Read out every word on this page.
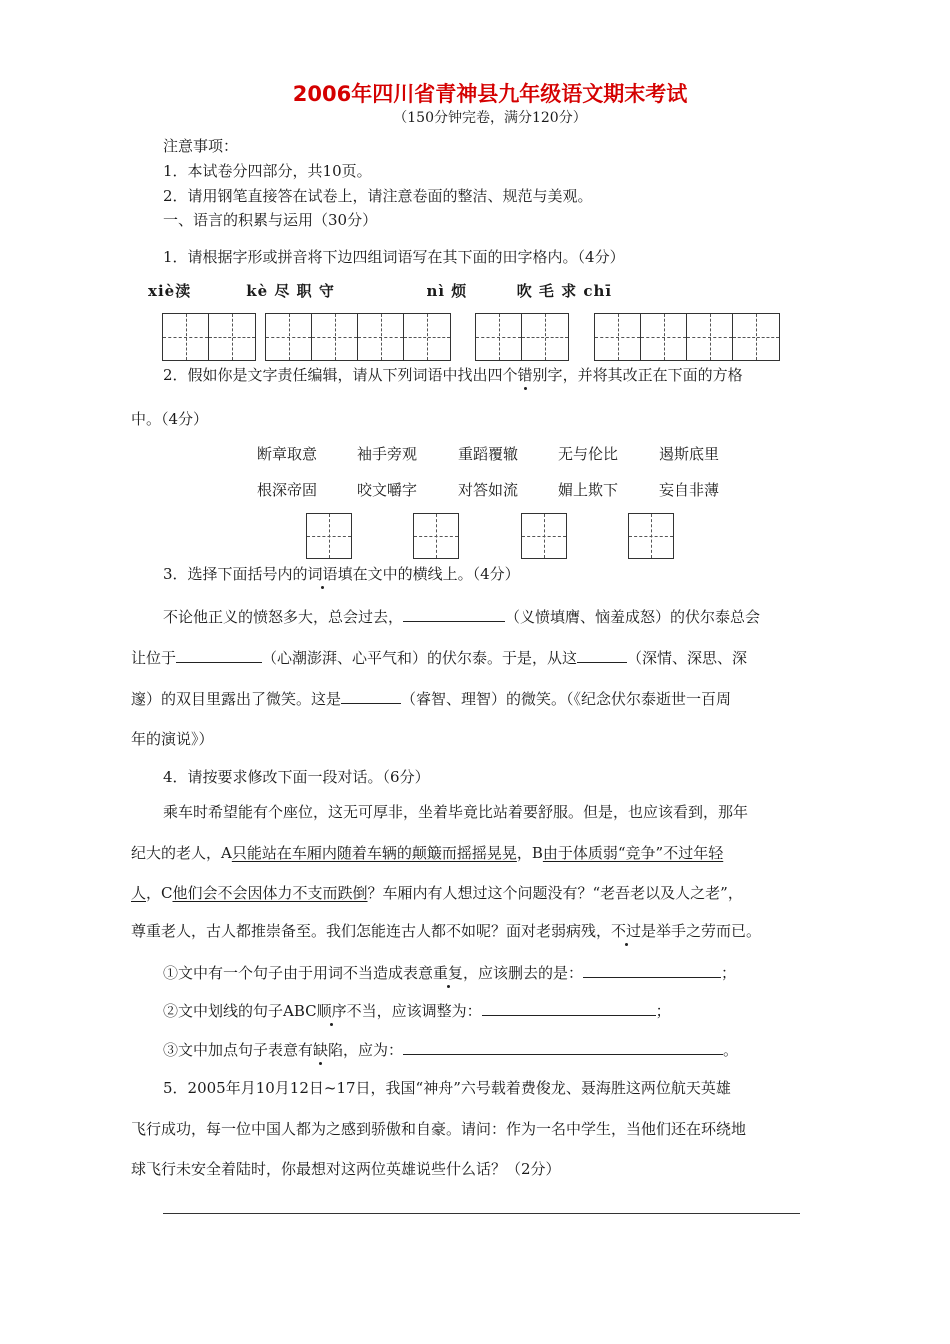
2006年四川省青神县九年级语文期末考试
（150分钟完卷，满分120分）
注意事项：
1．本试卷分四部分，共10页。
2．请用钢笔直接答在试卷上，请注意卷面的整洁、规范与美观。
一、语言的积累与运用（30分）
1．请根据字形或拼音将下边四组词语写在其下面的田字格内。（4分）
xiè渎	kè 尽 职 守	nì 烦	吹 毛 求 chī
2．假如你是文字责任编辑，请从下列词语中找出四个错别字，并将其改正在下面的方格
中。（4分）
断章取意	袖手旁观	重蹈覆辙	无与伦比	遏斯底里
根深帝固	咬文嚼字	对答如流	媚上欺下	妄自非薄
3．选择下面括号内的词语填在文中的横线上。（4分）
不论他正义的愤怒多大，总会过去，	（义愤填膺、恼羞成怒）的伏尔泰总会
让位于	（心潮澎湃、心平气和）的伏尔泰。于是，从这	（深情、深思、深
邃）的双目里露出了微笑。这是	（睿智、理智）的微笑。（《纪念伏尔泰逝世一百周
年的演说》）
4．请按要求修改下面一段对话。（6分）
乘车时希望能有个座位，这无可厚非，坐着毕竟比站着要舒服。但是，也应该看到，那年
纪大的老人，A只能站在车厢内随着车辆的颠簸而摇摇晃晃，B由于体质弱“竞争”不过年轻
人，C他们会不会因体力不支而跌倒？车厢内有人想过这个问题没有？“老吾老以及人之老”，
尊重老人，古人都推崇备至。我们怎能连古人都不如呢？面对老弱病残，不过是举手之劳而已。
①文中有一个句子由于用词不当造成表意重复，应该删去的是：	；
②文中划线的句子ABC顺序不当，应该调整为：	；
③文中加点句子表意有缺陷，应为：	。
5．2005年月10月12日~17日，我国“神舟”六号载着费俊龙、聂海胜这两位航天英雄
飞行成功，每一位中国人都为之感到骄傲和自豪。请问：作为一名中学生，当他们还在环绕地
球飞行未安全着陆时，你最想对这两位英雄说些什么话？（2分）
